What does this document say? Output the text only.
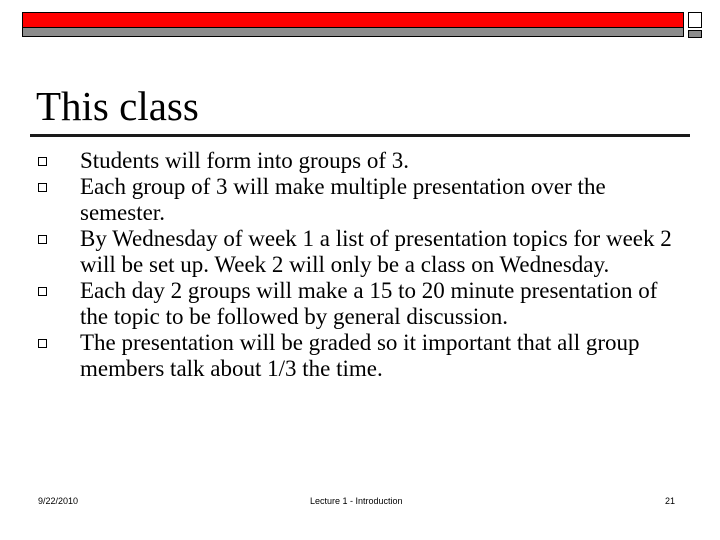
This class
Students will form into groups of 3.
Each group of 3 will make multiple presentation over the semester.
By Wednesday of week 1 a list of presentation topics for week 2 will be set up. Week 2 will only be a class on Wednesday.
Each day 2 groups will make a 15 to 20 minute presentation of the topic to be followed by general discussion.
The presentation will be graded so it important that all group members talk about 1/3 the time.
9/22/2010	Lecture 1 - Introduction	21
